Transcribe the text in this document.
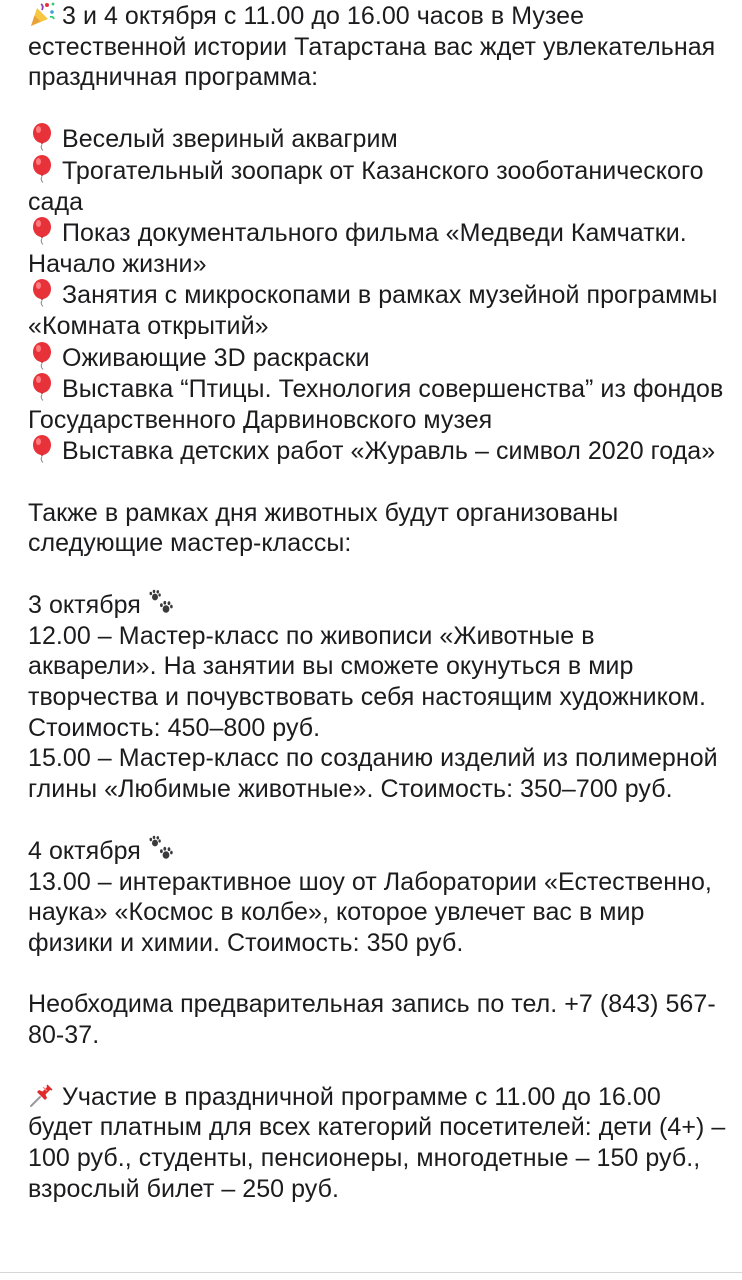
3 и 4 октября с 11.00 до 16.00 часов в Музее естественной истории Татарстана вас ждет увлекательная праздничная программа:

Веселый звериный аквагрим

Трогательный зоопарк от Казанского зооботанического сада

Показ документального фильма «Медведи Камчатки. Начало жизни»

Занятия с микроскопами в рамках музейной программы «Комната открытий»

Оживающие 3D раскраски

Выставка “Птицы. Технология совершенства” из фондов Государственного Дарвиновского музея

Выставка детских работ «Журавль – символ 2020 года»

Также в рамках дня животных будут организованы следующие мастер-классы:

3 октября

12.00 – Мастер-класс по живописи «Животные в акварели». На занятии вы сможете окунуться в мир творчества и почувствовать себя настоящим художником. Стоимость: 450–800 руб.

15.00 – Мастер-класс по созданию изделий из полимерной глины «Любимые животные». Стоимость: 350–700 руб.

4 октября

13.00 – интерактивное шоу от Лаборатории «Естественно, наука» «Космос в колбе», которое увлечет вас в мир физики и химии. Стоимость: 350 руб.

Необходима предварительная запись по тел. +7 (843) 567-80-37.

Участие в праздничной программе с 11.00 до 16.00 будет платным для всех категорий посетителей: дети (4+) – 100 руб., студенты, пенсионеры, многодетные – 150 руб., взрослый билет – 250 руб.
